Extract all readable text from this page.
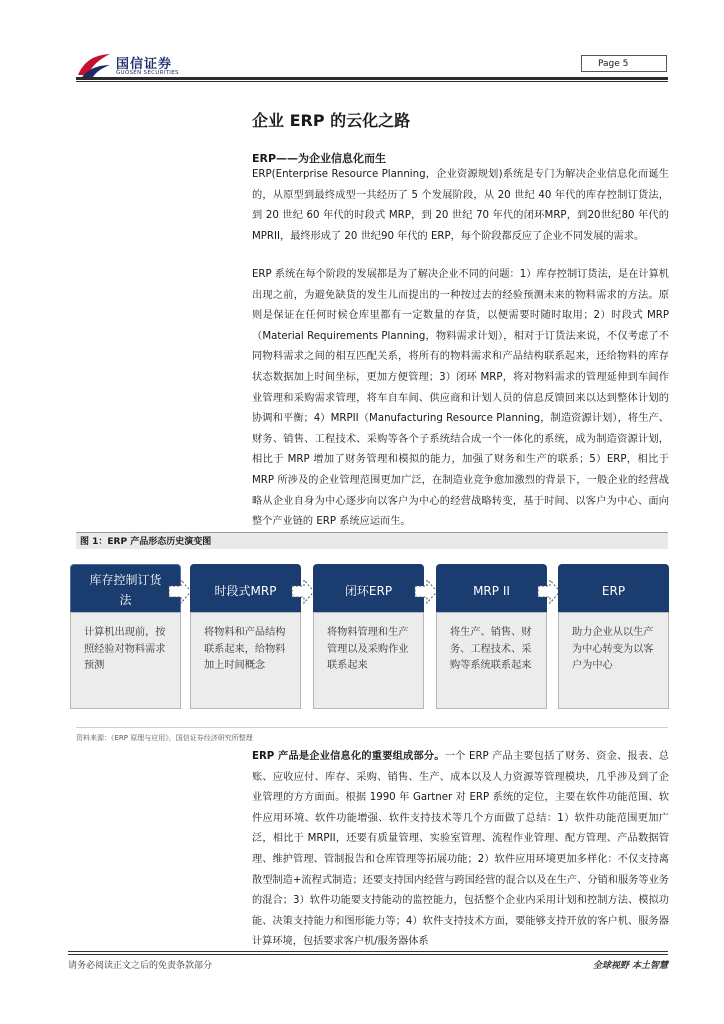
国信证券
GUOSEN SECURITIES
Page 5
企业 ERP 的云化之路
ERP——为企业信息化而生

ERP(Enterprise Resource Planning，企业资源规划)系统是专门为解决企业信息化而诞生的，从原型到最终成型一共经历了 5 个发展阶段，从 20 世纪 40 年代的库存控制订货法，到 20 世纪 60 年代的时段式 MRP，到 20 世纪 70 年代的闭环MRP，到20世纪80 年代的 MPRII，最终形成了 20 世纪90 年代的 ERP，每个阶段都反应了企业不同发展的需求。

ERP 系统在每个阶段的发展都是为了解决企业不同的问题：1）库存控制订货法，是在计算机出现之前，为避免缺货的发生儿而提出的一种按过去的经验预测未来的物料需求的方法。原则是保证在任何时候仓库里都有一定数量的存货，以便需要时随时取用；2）时段式 MRP（Material Requirements Planning，物料需求计划），相对于订货法来说，不仅考虑了不同物料需求之间的相互匹配关系，将所有的物料需求和产品结构联系起来，还给物料的库存状态数据加上时间坐标，更加方便管理；3）闭环 MRP，将对物料需求的管理延伸到车间作业管理和采购需求管理，将车自车间、供应商和计划人员的信息反馈回来以达到整体计划的协调和平衡；4）MRPII（Manufacturing Resource Planning，制造资源计划），将生产、财务、销售、工程技术、采购等各个子系统结合成一个一体化的系统，成为制造资源计划，相比于 MRP 增加了财务管理和模拟的能力，加强了财务和生产的联系；5）ERP，相比于 MRP 所涉及的企业管理范围更加广泛，在制造业竞争愈加激烈的背景下，一般企业的经营战略从企业自身为中心逐步向以客户为中心的经营战略转变，基于时间、以客户为中心、面向整个产业链的 ERP 系统应运而生。

图 1：ERP 产品形态历史演变图
库存控制订货法
时段式MRP	闭环ERP	MRP II	ERP
计算机出现前，按照经验对物料需求预测
将物料和产品结构联系起来，给物料加上时间概念
将物料管理和生产管理以及采购作业联系起来
将生产、销售、财务、工程技术、采购等系统联系起来
助力企业从以生产为中心转变为以客户为中心
资料来源：《ERP 原理与应用》，国信证券经济研究所整理

ERP 产品是企业信息化的重要组成部分。一个 ERP 产品主要包括了财务、资金、报表、总账、应收应付、库存、采购、销售、生产、成本以及人力资源等管理模块，几乎涉及到了企业管理的方方面面。根据 1990 年 Gartner 对 ERP 系统的定位，主要在软件功能范围、软件应用环境、软件功能增强、软件支持技术等几个方面做了总结：1）软件功能范围更加广泛，相比于 MRPII，还要有质量管理、实验室管理、流程作业管理、配方管理、产品数据管理、维护管理、管制报告和仓库管理等拓展功能；2）软件应用环境更加多样化：不仅支持离散型制造+流程式制造；还要支持国内经营与跨国经营的混合以及在生产、分销和服务等业务的混合；3）软件功能要支持能动的监控能力，包括整个企业内采用计划和控制方法、模拟功能、决策支持能力和图形能力等；4）软件支持技术方面，要能够支持开放的客户机、服务器计算环境，包括要求客户机/服务器体系

请务必阅读正文之后的免责条款部分	全球视野 本土智慧
